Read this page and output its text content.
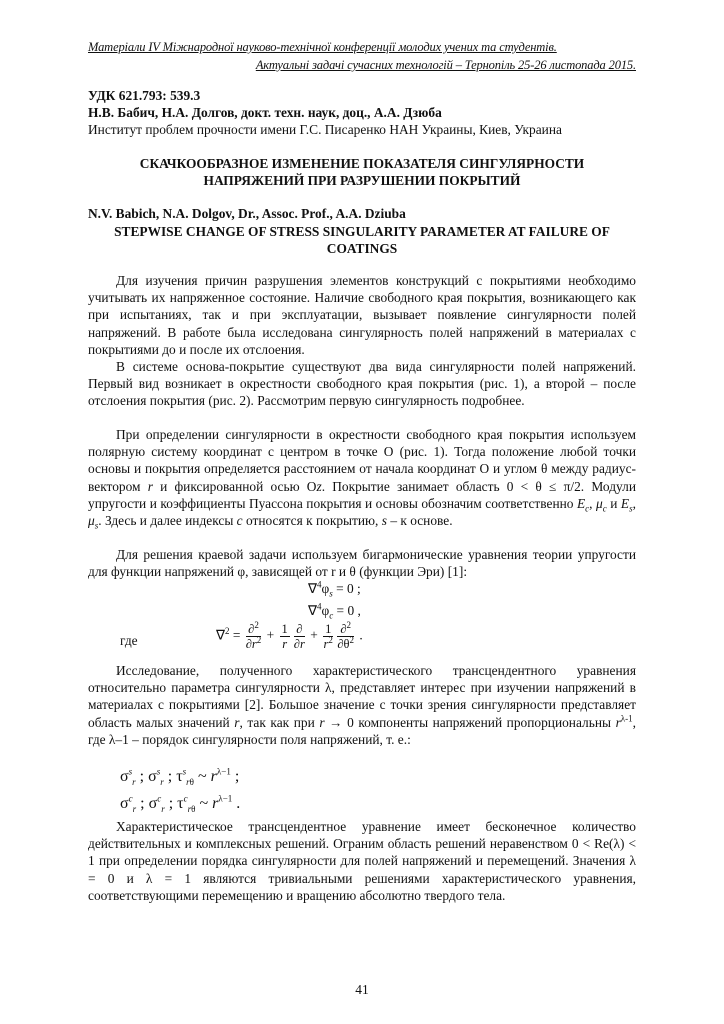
Матеріали IV Міжнародної науково-технічної конференції молодих учених та студентів.
Актуальні задачі сучасних технологій – Тернопіль 25-26 листопада 2015.
УДК 621.793: 539.3
Н.В. Бабич, Н.А. Долгов, докт. техн. наук, доц., А.А. Дзюба
Институт проблем прочности имени Г.С. Писаренко НАН Украины, Киев, Украина
СКАЧКООБРАЗНОЕ ИЗМЕНЕНИЕ ПОКАЗАТЕЛЯ СИНГУЛЯРНОСТИ
НАПРЯЖЕНИЙ ПРИ РАЗРУШЕНИИ ПОКРЫТИЙ
N.V. Babich, N.A. Dolgov, Dr., Assoc. Prof., A.A. Dziuba
STEPWISE CHANGE OF STRESS SINGULARITY PARAMETER AT FAILURE OF
COATINGS
Для изучения причин разрушения элементов конструкций с покрытиями необходимо учитывать их напряженное состояние. Наличие свободного края покрытия, возникающего как при испытаниях, так и при эксплуатации, вызывает появление сингулярности полей напряжений. В работе была исследована сингулярность полей напряжений в материалах с покрытиями до и после их отслоения.
В системе основа-покрытие существуют два вида сингулярности полей напряжений. Первый вид возникает в окрестности свободного края покрытия (рис. 1), а второй – после отслоения покрытия (рис. 2). Рассмотрим первую сингулярность подробнее.
При определении сингулярности в окрестности свободного края покрытия используем полярную систему координат с центром в точке О (рис. 1). Тогда положение любой точки основы и покрытия определяется расстоянием от начала координат О и углом θ между радиус-вектором r и фиксированной осью Оz. Покрытие занимает область 0 < θ ≤ π/2. Модули упругости и коэффициенты Пуассона покрытия и основы обозначим соответственно $E_c$, $\mu_c$ и $E_s$, $\mu_s$. Здесь и далее индексы c относятся к покрытию, s – к основе.
Для решения краевой задачи используем бигармонические уравнения теории упругости для функции напряжений φ, зависящей от r и θ (функции Эри) [1]:
$\nabla^4\varphi_s = 0$ ;
$\nabla^4\varphi_c = 0$ ,
где	$\nabla^2 = \frac{\partial^2}{\partial r^2} + \frac{1}{r} \frac{\partial}{\partial r} + \frac{1}{r^2} \frac{\partial^2}{\partial\theta^2}$ .
Исследование, полученного характеристического трансцендентного уравнения относительно параметра сингулярности λ, представляет интерес при изучении напряжений в материалах с покрытиями [2]. Большое значение с точки зрения сингулярности представляет область малых значений r, так как при r → 0 компоненты напряжений пропорциональны $r^{\lambda-1}$, где λ–1 – порядок сингулярности поля напряжений, т. е.:
$\sigma^s_r$ ; $\sigma^s_r$ ; $\tau^s_{r\theta}$ ~ $r^{\lambda-1}$ ;
$\sigma^c_r$ ; $\sigma^c_r$ ; $\tau^c_{r\theta}$ ~ $r^{\lambda-1}$ .
Характеристическое трансцендентное уравнение имеет бесконечное количество действительных и комплексных решений. Ограним область решений неравенством 0 < Re(λ) < 1 при определении порядка сингулярности для полей напряжений и перемещений. Значения λ = 0 и λ = 1 являются тривиальными решениями характеристического уравнения, соответствующими перемещению и вращению абсолютно твердого тела.
41
